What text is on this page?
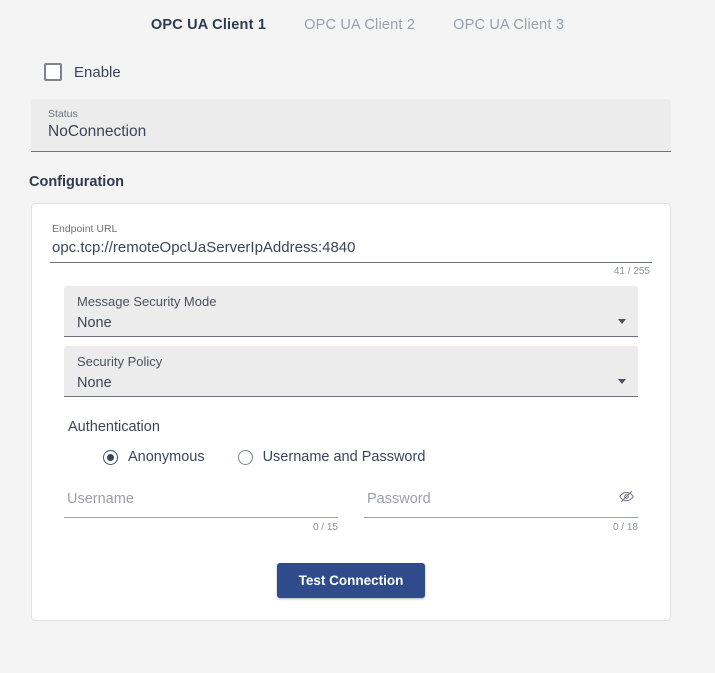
OPC UA Client 1	OPC UA Client 2	OPC UA Client 3
Enable
Status
NoConnection
Configuration
Endpoint URL
opc.tcp://remoteOpcUaServerIpAddress:4840
41 / 255
Message Security Mode
None
Security Policy
None
Authentication
Anonymous	Username and Password
Username
0 / 15
Password
0 / 18
Test Connection
